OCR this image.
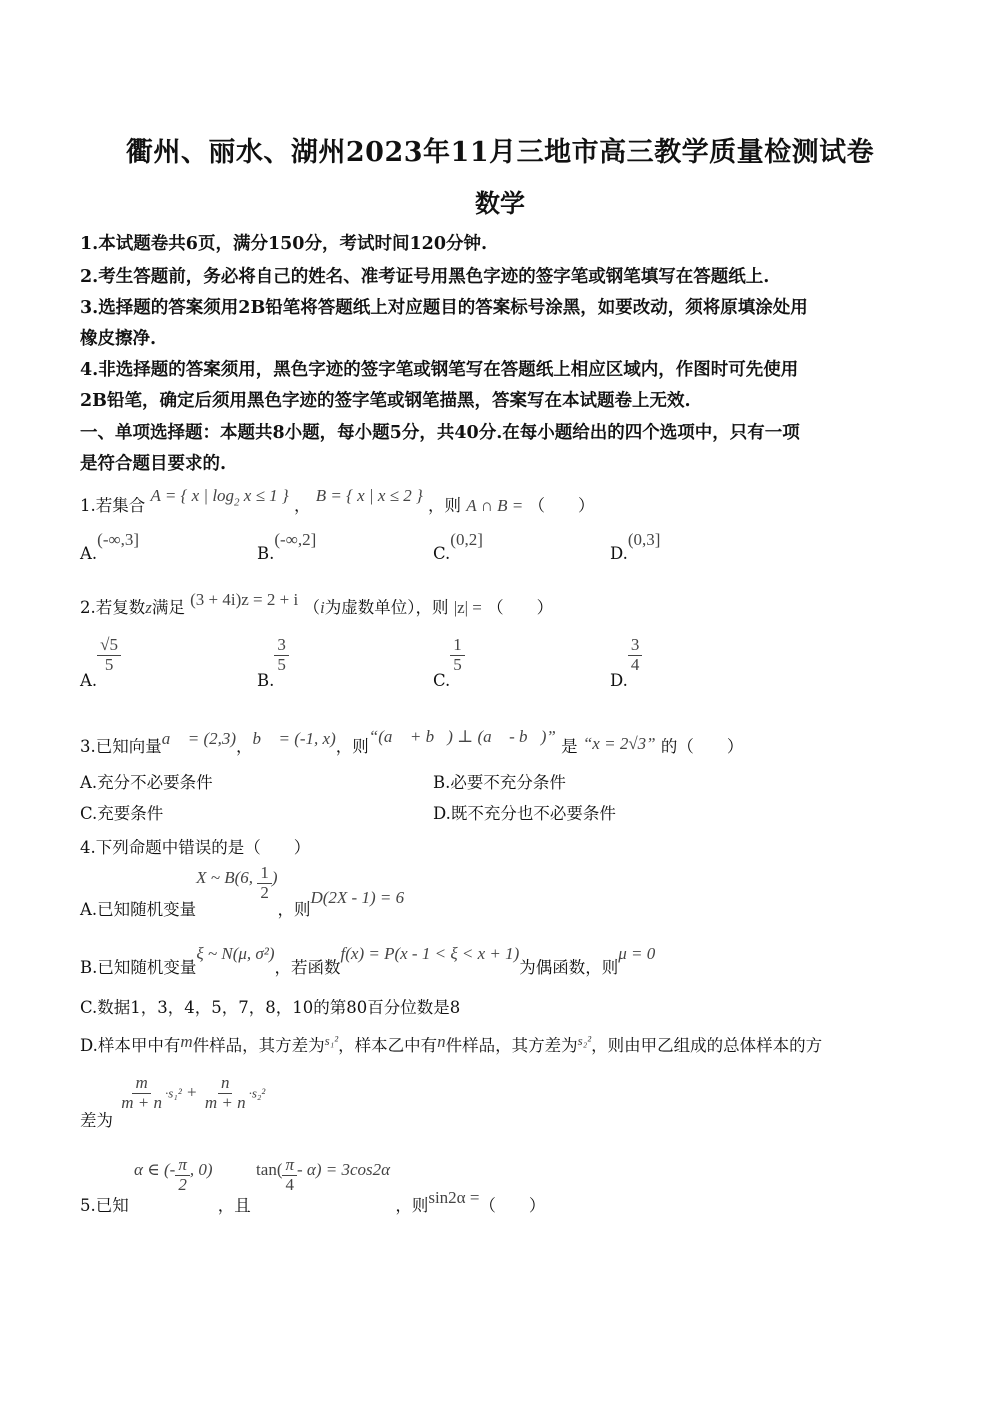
衢州、丽水、湖州2023年11月三地市高三教学质量检测试卷
数学
1.本试题卷共6页，满分150分，考试时间120分钟.
2.考生答题前，务必将自己的姓名、准考证号用黑色字迹的签字笔或钢笔填写在答题纸上.
3.选择题的答案须用2B铅笔将答题纸上对应题目的答案标号涂黑，如要改动，须将原填涂处用
橡皮擦净.
4.非选择题的答案须用，黑色字迹的签字笔或钢笔写在答题纸上相应区域内，作图时可先使用
2B铅笔，确定后须用黑色字迹的签字笔或钢笔描黑，答案写在本试题卷上无效.
一、单项选择题：本题共8小题，每小题5分，共40分.在每小题给出的四个选项中，只有一项
是符合题目要求的.
1.若集合 A = { x | $\log_2 x \le 1$ } ， B = { x | x ≤ 2 } ，则 A ∩ B = （　　）
A.(-∞,3]
B.(-∞,2]
C.(0,2]
D.(0,3]
2.若复数z满足 (3 + 4i)z = 2 + i （i为虚数单位），则 |z| = （　　）
A.
$\frac{√5}{5}$
B.
$\frac{3}{5}$
C.
$\frac{1}{5}$
D.
$\frac{3}{4}$
3.已知向量a⃗ = (2,3)，b⃗ = (-1, x)，则“(a⃗ + b⃗) ⊥ (a⃗ - b⃗)” 是 “x = 2√3” 的（　　）
A.充分不必要条件	B.必要不充分条件
C.充要条件	D.既不充分也不必要条件
4.下列命题中错误的是（　　）
A.已知随机变量X ~ B(6, $\frac{1}{2}$ )，则D(2X - 1) = 6
B.已知随机变量ξ ~ N(μ, σ²)，若函数f(x) = P(x - 1 < ξ < x + 1)为偶函数，则μ = 0
C.数据1，3，4，5，7，8，10的第80百分位数是8
D.样本甲中有m件样品，其方差为$^{s_1^2}$，样本乙中有n件样品，其方差为$^{s_2^2}$，则由甲乙组成的总体样本的方
差为
$\frac{m}{m + n} \cdot s_1^2 + \frac{n}{m + n} \cdot s_2^2$
5.已知 α ∈ (- $\frac{\pi}{2}$ , 0) ，且 $\tan( \frac{\pi}{4} - \alpha) = 3\cos 2\alpha$ ，则sin2α =（　　）
